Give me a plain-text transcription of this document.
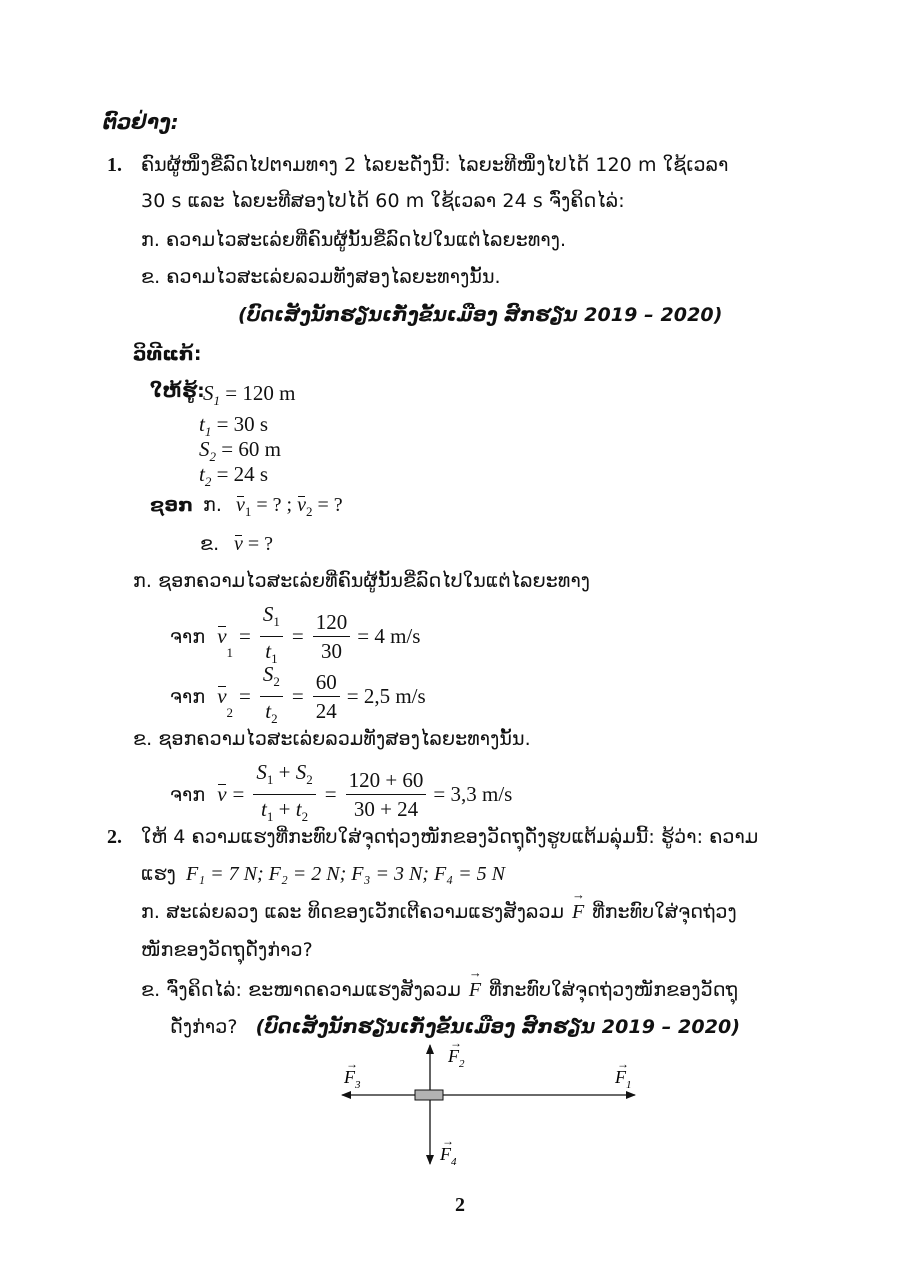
ຕົວຢ່າງ:
1. ຄົນຜູ້ໜຶ່ງຂີ່ລົດໄປຕາມທາງ 2 ໄລຍະດັ່ງນີ້: ໄລຍະທີໜຶ່ງໄປໄດ້ 120 m ໃຊ້ເວລາ
30 s ແລະ ໄລຍະທີສອງໄປໄດ້ 60 m ໃຊ້ເວລາ 24 s ຈົ່ງຄິດໄລ່:
ກ. ຄວາມໄວສະເລ່ຍທີ່ຄົນຜູ້ນັ້ນຂີ່ລົດໄປໃນແຕ່ໄລຍະທາງ.
ຂ. ຄວາມໄວສະເລ່ຍລວມທັງສອງໄລຍະທາງນັ້ນ.
(ບົດເສັງນັກຮຽນເກັ່ງຂັ້ນເມືອງ ສົກຮຽນ 2019 – 2020)
ວິທີແກ້:
ໃຫ້ຮູ້:
$S_1 = 120$ m
$t_1 = 30$ s
$S_2 = 60$ m
$t_2 = 24$ s
ຊອກ ກ. $v_1$ = ? ; $v_2$ = ?
ຂ. v = ?
ກ. ຊອກຄວາມໄວສະເລ່ຍທີ່ຄົນຜູ້ນັ້ນຂີ່ລົດໄປໃນແຕ່ໄລຍະທາງ
ຈາກ v
$_1$
= $\frac{S_1}{t_1} = \frac{120}{30} = 4$ m/s
ຈາກ v
$_2$
= $\frac{S_2}{t_2} = \frac{60}{24} = 2,5$ m/s
ຂ. ຊອກຄວາມໄວສະເລ່ຍລວມທັງສອງໄລຍະທາງນັ້ນ.
ຈາກ $v = \frac{S_1 + S_2}{t_1 + t_2} = \frac{120 + 60}{30 + 24} = 3,3$ m/s
2. ໃຫ້ 4 ຄວາມແຮງທີ່ກະທົບໃສ່ຈຸດຖ່ວງໜັກຂອງວັດຖຸດັ່ງຮູບແຕ້ມລຸ່ມນີ້: ຮູ້ວ່າ: ຄວາມ
ແຮງ F₁ = 7 N; F₂ = 2 N; F₃ = 3 N; F₄ = 5 N
ກ. ສະເລ່ຍລວງ ແລະ ທິດຂອງເວັກເຕີຄວາມແຮງສັງລວມ → F ທີ່ກະທົບໃສ່ຈຸດຖ່ວງ
ໜັກຂອງວັດຖຸດັ່ງກ່າວ?
ຂ. ຈົ່ງຄິດໄລ່: ຂະໜາດຄວາມແຮງສັງລວມ → F ທີ່ກະທົບໃສ່ຈຸດຖ່ວງໜັກຂອງວັດຖຸ
ດັ່ງກ່າວ? (ບົດເສັງນັກຮຽນເກັ່ງຂັ້ນເມືອງ ສົກຮຽນ 2019 – 2020)
$F_1$
$F_2$
$F_3$
$F_4$
→
→
→
→
2
